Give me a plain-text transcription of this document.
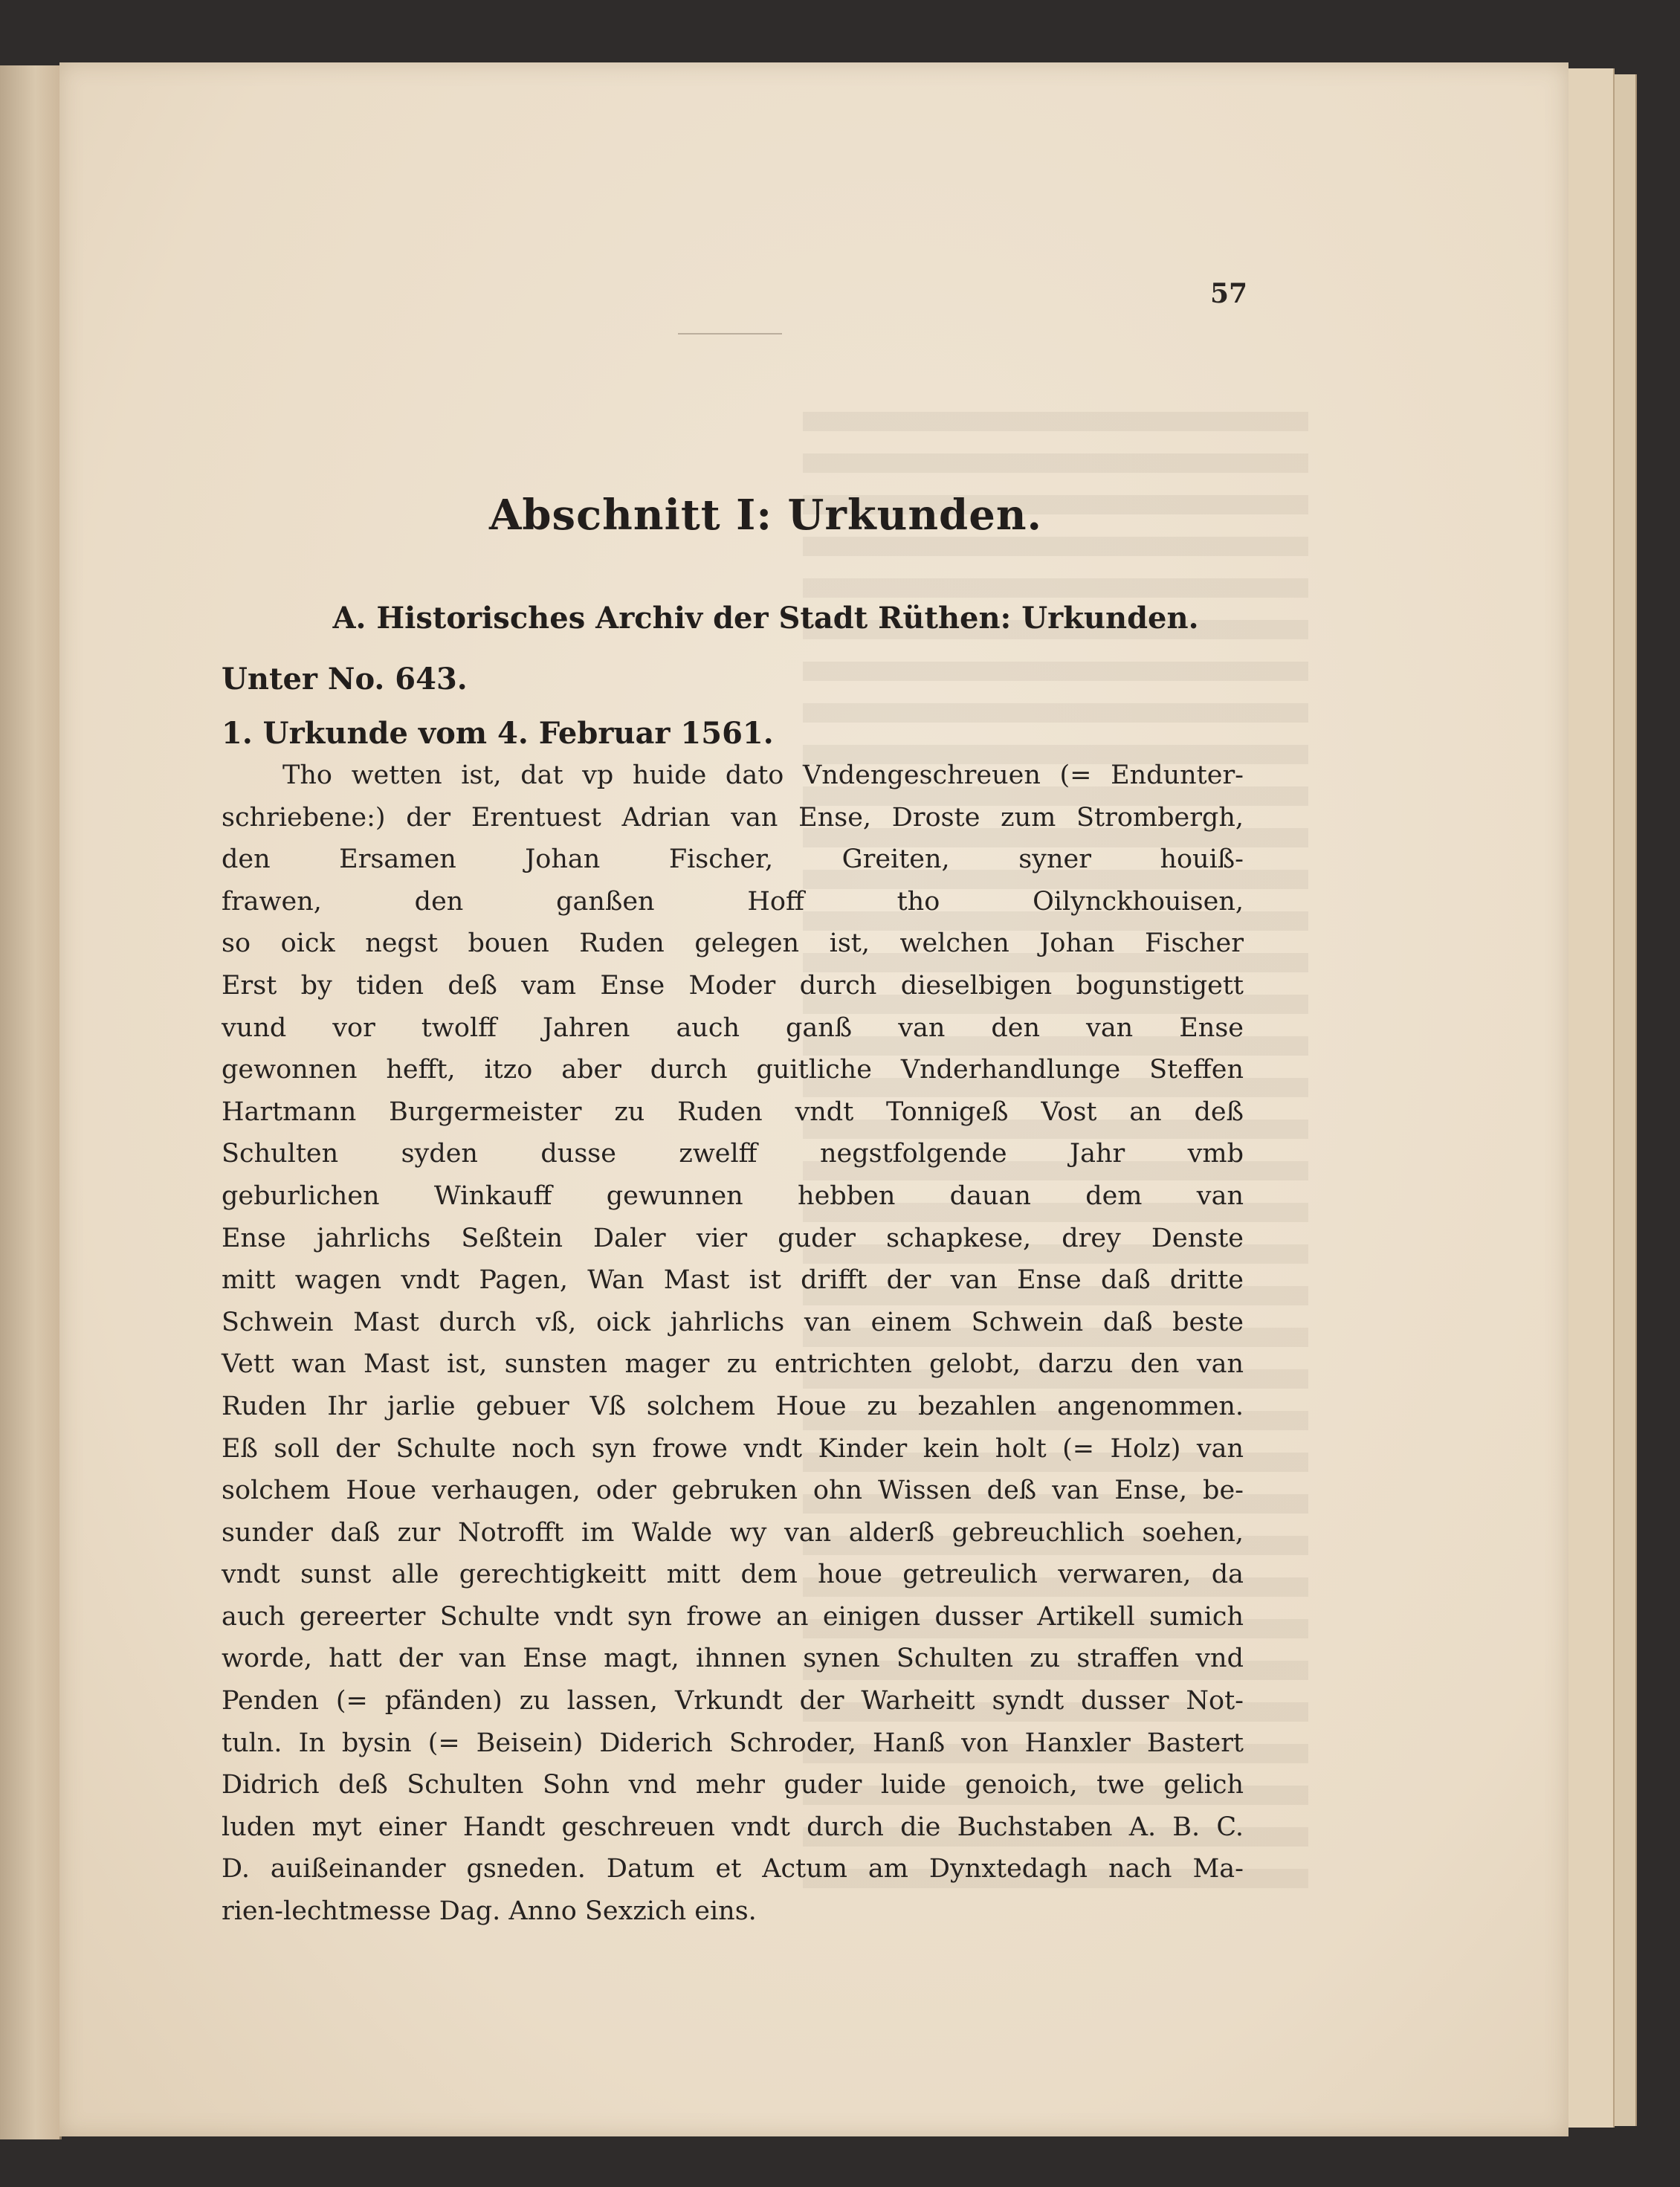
57
Abschnitt I: Urkunden.
A. Historisches Archiv der Stadt Rüthen: Urkunden.
Unter No. 643.
1. Urkunde vom 4. Februar 1561.
Tho wetten ist, dat vp huide dato Vndengeschreuen (= Endunter-
schriebene:) der Erentuest Adrian van Ense, Droste zum Strombergh,
den Ersamen Johan Fischer, Greiten, syner houiß-
frawen, den ganßen Hoff tho Oilynckhouisen,
so oick negst bouen Ruden gelegen ist, welchen Johan Fischer
Erst by tiden deß vam Ense Moder durch dieselbigen bogunstigett
vund vor twolff Jahren auch ganß van den van Ense
gewonnen hefft, itzo aber durch guitliche Vnderhandlunge Steffen
Hartmann Burgermeister zu Ruden vndt Tonnigeß Vost an deß
Schulten syden dusse zwelff negstfolgende Jahr vmb
geburlichen Winkauff gewunnen hebben dauan dem van
Ense jahrlichs Seßtein Daler vier guder schapkese, drey Denste
mitt wagen vndt Pagen, Wan Mast ist drifft der van Ense daß dritte
Schwein Mast durch vß, oick jahrlichs van einem Schwein daß beste
Vett wan Mast ist, sunsten mager zu entrichten gelobt, darzu den van
Ruden Ihr jarlie gebuer Vß solchem Houe zu bezahlen angenommen.
Eß soll der Schulte noch syn frowe vndt Kinder kein holt (= Holz) van
solchem Houe verhaugen, oder gebruken ohn Wissen deß van Ense, be-
sunder daß zur Notrofft im Walde wy van alderß gebreuchlich soehen,
vndt sunst alle gerechtigkeitt mitt dem houe getreulich verwaren, da
auch gereerter Schulte vndt syn frowe an einigen dusser Artikell sumich
worde, hatt der van Ense magt, ihnnen synen Schulten zu straffen vnd
Penden (= pfänden) zu lassen, Vrkundt der Warheitt syndt dusser Not-
tuln. In bysin (= Beisein) Diderich Schroder, Hanß von Hanxler Bastert
Didrich deß Schulten Sohn vnd mehr guder luide genoich, twe gelich
luden myt einer Handt geschreuen vndt durch die Buchstaben A. B. C.
D. auißeinander gsneden. Datum et Actum am Dynxtedagh nach Ma-
rien-lechtmesse Dag. Anno Sexzich eins.
